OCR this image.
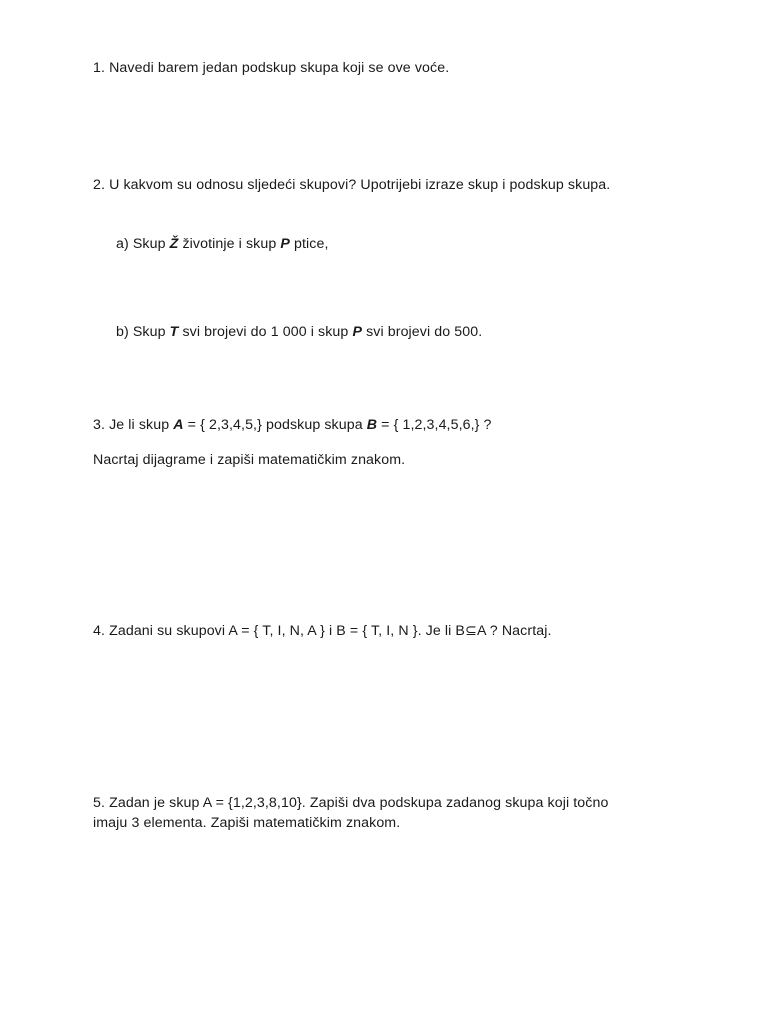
1. Navedi barem jedan podskup skupa koji se ove voće.
2. U kakvom su odnosu sljedeći skupovi? Upotrijebi izraze skup i podskup skupa.
a) Skup Ž životinje i skup P ptice,
b) Skup T svi brojevi do 1 000 i skup P svi brojevi do 500.
3. Je li skup A = { 2,3,4,5,} podskup skupa B = { 1,2,3,4,5,6,} ?
Nacrtaj dijagrame i zapiši matematičkim znakom.
4. Zadani su skupovi A = { T, I, N, A } i B = { T, I, N }. Je li B⊆A ? Nacrtaj.
5. Zadan je skup A = {1,2,3,8,10}. Zapiši dva podskupa zadanog skupa koji točno
imaju 3 elementa. Zapiši matematičkim znakom.
